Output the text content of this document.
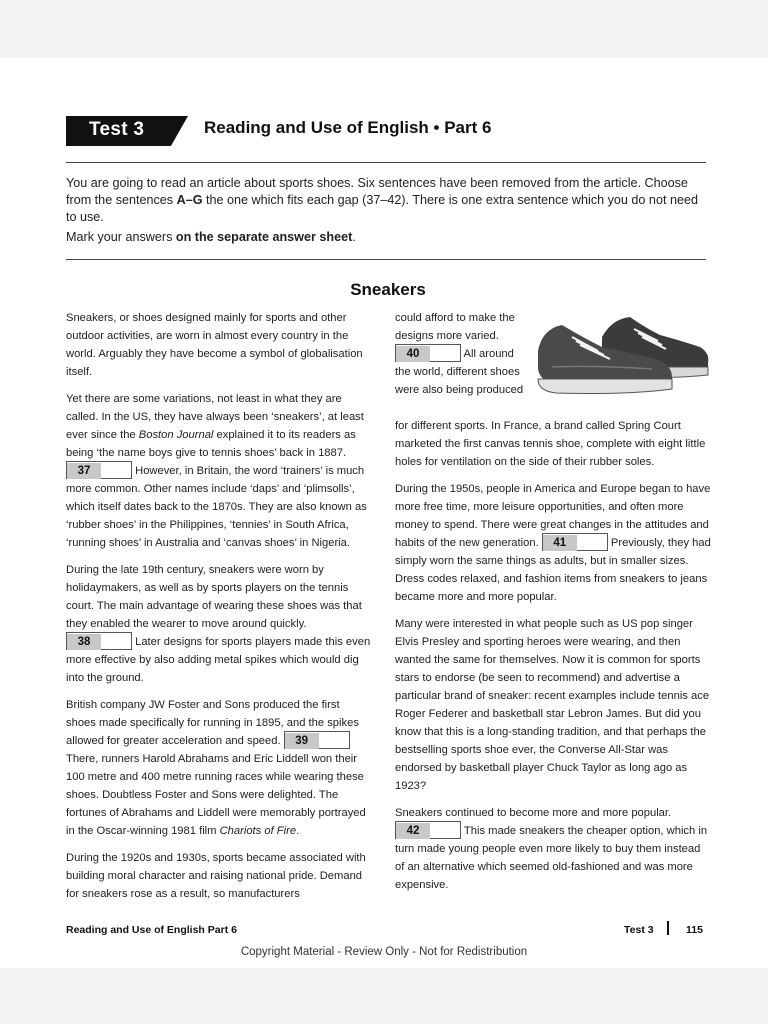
Test 3	Reading and Use of English • Part 6
You are going to read an article about sports shoes. Six sentences have been removed from the article. Choose from the sentences A–G the one which fits each gap (37–42). There is one extra sentence which you do not need to use.
Mark your answers on the separate answer sheet.
Sneakers

Sneakers, or shoes designed mainly for sports and other outdoor activities, are worn in almost every country in the world. Arguably they have become a symbol of globalisation itself.

Yet there are some variations, not least in what they are called. In the US, they have always been ‘sneakers’, at least ever since the Boston Journal explained it to its readers as being ‘the name boys give to tennis shoes’ back in 1887. 37	However, in Britain, the word ‘trainers’ is much more common. Other names include ‘daps’ and ‘plimsolls’, which itself dates back to the 1870s. They are also known as ‘rubber shoes’ in the Philippines, ‘tennies’ in South Africa, ‘running shoes’ in Australia and ‘canvas shoes’ in Nigeria.

During the late 19th century, sneakers were worn by holidaymakers, as well as by sports players on the tennis court. The main advantage of wearing these shoes was that they enabled the wearer to move around quickly. 38	Later designs for sports players made this even more effective by also adding metal spikes which would dig into the ground.

British company JW Foster and Sons produced the first shoes made specifically for running in 1895, and the spikes allowed for greater acceleration and speed. 39 There, runners Harold Abrahams and Eric Liddell won their 100 metre and 400 metre running races while wearing these shoes. Doubtless Foster and Sons were delighted. The fortunes of Abrahams and Liddell were memorably portrayed in the Oscar-winning 1981 film Chariots of Fire.

During the 1920s and 1930s, sports became associated with building moral character and raising national pride. Demand for sneakers rose as a result, so manufacturers

could afford to make the designs more varied. 40	All around the world, different shoes were also being produced

for different sports. In France, a brand called Spring Court marketed the first canvas tennis shoe, complete with eight little holes for ventilation on the side of their rubber soles.

During the 1950s, people in America and Europe began to have more free time, more leisure opportunities, and often more money to spend. There were great changes in the attitudes and habits of the new generation. 41	Previously, they had simply worn the same things as adults, but in smaller sizes. Dress codes relaxed, and fashion items from sneakers to jeans became more and more popular.

Many were interested in what people such as US pop singer Elvis Presley and sporting heroes were wearing, and then wanted the same for themselves. Now it is common for sports stars to endorse (be seen to recommend) and advertise a particular brand of sneaker: recent examples include tennis ace Roger Federer and basketball star Lebron James. But did you know that this is a long-standing tradition, and that perhaps the bestselling sports shoe ever, the Converse All-Star was endorsed by basketball player Chuck Taylor as long ago as 1923?

Sneakers continued to become more and more popular. 42	This made sneakers the cheaper option, which in turn made young people even more likely to buy them instead of an alternative which seemed old-fashioned and was more expensive.

Reading and Use of English Part 6	Test 3	115
Copyright Material - Review Only - Not for Redistribution
